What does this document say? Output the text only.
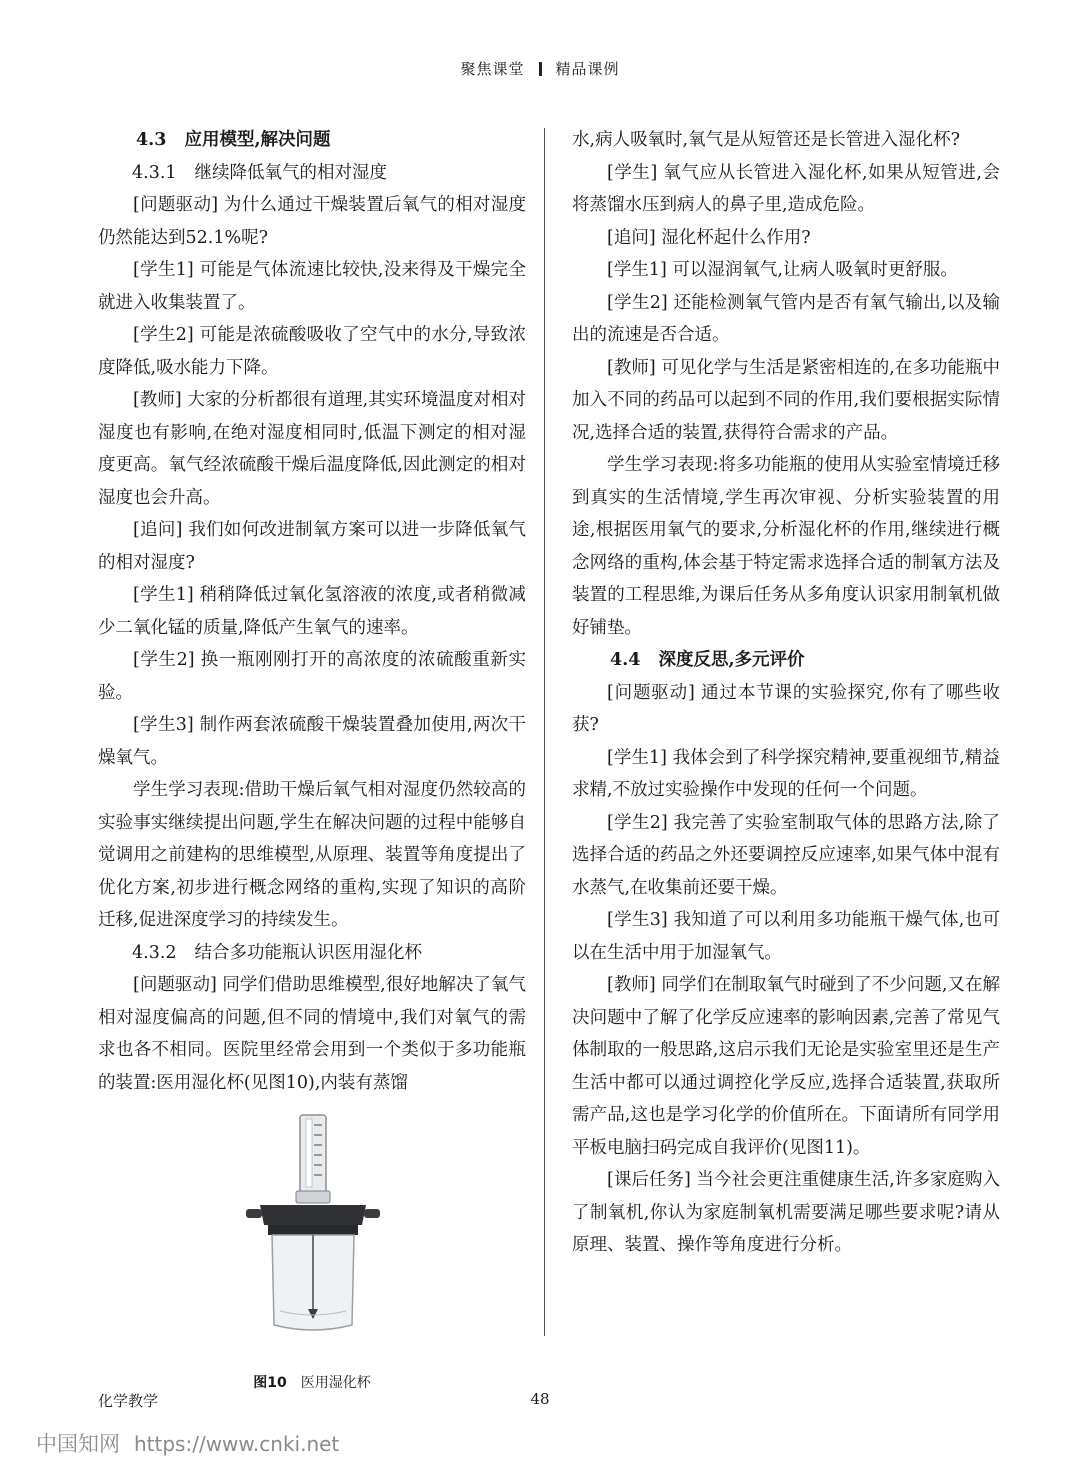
聚焦课堂 精品课例

4.3 应用模型,解决问题

4.3.1 继续降低氧气的相对湿度

[问题驱动] 为什么通过干燥装置后氧气的相对湿度仍然能达到52.1%呢?

[学生1] 可能是气体流速比较快,没来得及干燥完全就进入收集装置了。

[学生2] 可能是浓硫酸吸收了空气中的水分,导致浓度降低,吸水能力下降。

[教师] 大家的分析都很有道理,其实环境温度对相对湿度也有影响,在绝对湿度相同时,低温下测定的相对湿度更高。氧气经浓硫酸干燥后温度降低,因此测定的相对湿度也会升高。

[追问] 我们如何改进制氧方案可以进一步降低氧气的相对湿度?

[学生1] 稍稍降低过氧化氢溶液的浓度,或者稍微减少二氧化锰的质量,降低产生氧气的速率。

[学生2] 换一瓶刚刚打开的高浓度的浓硫酸重新实验。

[学生3] 制作两套浓硫酸干燥装置叠加使用,两次干燥氧气。

学生学习表现:借助干燥后氧气相对湿度仍然较高的实验事实继续提出问题,学生在解决问题的过程中能够自觉调用之前建构的思维模型,从原理、装置等角度提出了优化方案,初步进行概念网络的重构,实现了知识的高阶迁移,促进深度学习的持续发生。

4.3.2 结合多功能瓶认识医用湿化杯

[问题驱动] 同学们借助思维模型,很好地解决了氧气相对湿度偏高的问题,但不同的情境中,我们对氧气的需求也各不相同。医院里经常会用到一个类似于多功能瓶的装置:医用湿化杯(见图10),内装有蒸馏

图10 医用湿化杯

水,病人吸氧时,氧气是从短管还是长管进入湿化杯?

[学生] 氧气应从长管进入湿化杯,如果从短管进,会将蒸馏水压到病人的鼻子里,造成危险。

[追问] 湿化杯起什么作用?

[学生1] 可以湿润氧气,让病人吸氧时更舒服。

[学生2] 还能检测氧气管内是否有氧气输出,以及输出的流速是否合适。

[教师] 可见化学与生活是紧密相连的,在多功能瓶中加入不同的药品可以起到不同的作用,我们要根据实际情况,选择合适的装置,获得符合需求的产品。

学生学习表现:将多功能瓶的使用从实验室情境迁移到真实的生活情境,学生再次审视、分析实验装置的用途,根据医用氧气的要求,分析湿化杯的作用,继续进行概念网络的重构,体会基于特定需求选择合适的制氧方法及装置的工程思维,为课后任务从多角度认识家用制氧机做好铺垫。

4.4 深度反思,多元评价

[问题驱动] 通过本节课的实验探究,你有了哪些收获?

[学生1] 我体会到了科学探究精神,要重视细节,精益求精,不放过实验操作中发现的任何一个问题。

[学生2] 我完善了实验室制取气体的思路方法,除了选择合适的药品之外还要调控反应速率,如果气体中混有水蒸气,在收集前还要干燥。

[学生3] 我知道了可以利用多功能瓶干燥气体,也可以在生活中用于加湿氧气。

[教师] 同学们在制取氧气时碰到了不少问题,又在解决问题中了解了化学反应速率的影响因素,完善了常见气体制取的一般思路,这启示我们无论是实验室里还是生产生活中都可以通过调控化学反应,选择合适装置,获取所需产品,这也是学习化学的价值所在。下面请所有同学用平板电脑扫码完成自我评价(见图11)。

[课后任务] 当今社会更注重健康生活,许多家庭购入了制氧机,你认为家庭制氧机需要满足哪些要求呢?请从原理、装置、操作等角度进行分析。

化学教学	48
中国知网 https://www.cnki.net
